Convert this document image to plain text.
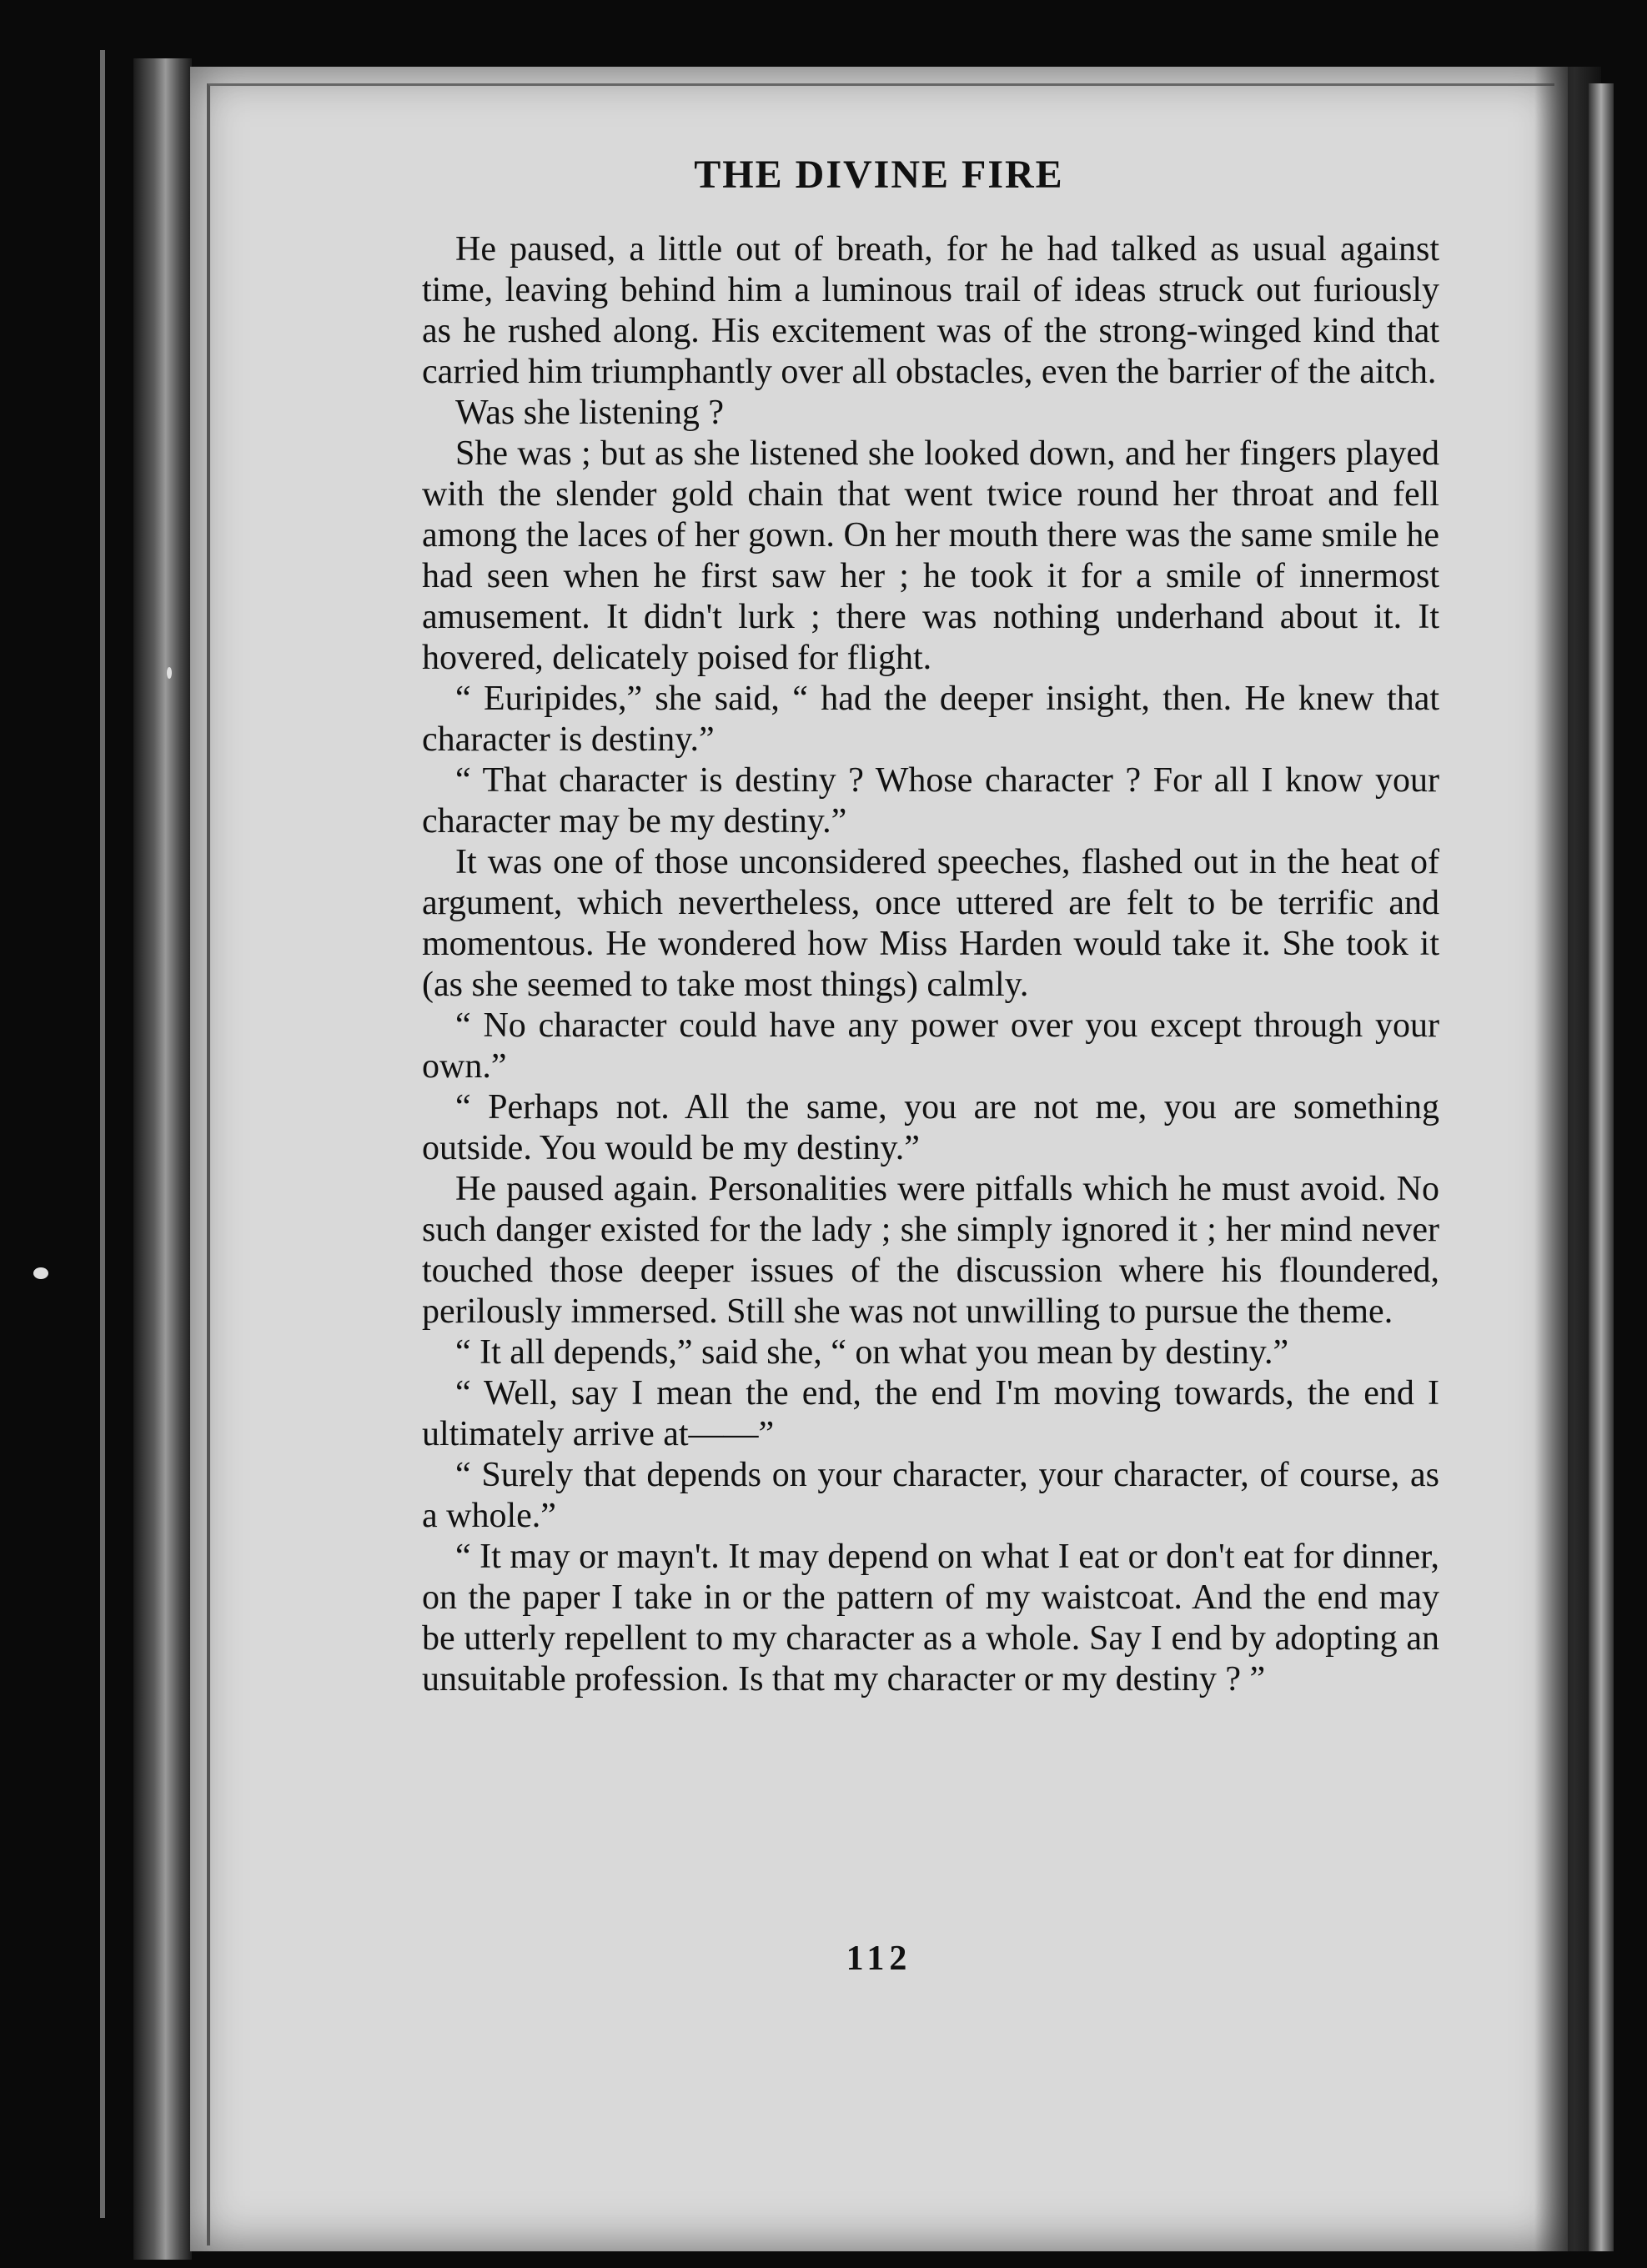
THE DIVINE FIRE

He paused, a little out of breath, for he had talked as usual against time, leaving behind him a luminous trail of ideas struck out furiously as he rushed along. His excitement was of the strong-winged kind that carried him triumphantly over all obstacles, even the barrier of the aitch.

Was she listening ?

She was ; but as she listened she looked down, and her fingers played with the slender gold chain that went twice round her throat and fell among the laces of her gown. On her mouth there was the same smile he had seen when he first saw her ; he took it for a smile of innermost amusement. It didn't lurk ; there was nothing underhand about it. It hovered, delicately poised for flight.

“ Euripides,” she said, “ had the deeper insight, then. He knew that character is destiny.”

“ That character is destiny ? Whose character ? For all I know your character may be my destiny.”

It was one of those unconsidered speeches, flashed out in the heat of argument, which nevertheless, once uttered are felt to be terrific and momentous. He wondered how Miss Harden would take it. She took it (as she seemed to take most things) calmly.

“ No character could have any power over you except through your own.”

“ Perhaps not. All the same, you are not me, you are something outside. You would be my destiny.”

He paused again. Personalities were pitfalls which he must avoid. No such danger existed for the lady ; she simply ignored it ; her mind never touched those deeper issues of the discussion where his floundered, perilously immersed. Still she was not unwilling to pursue the theme.

“ It all depends,” said she, “ on what you mean by destiny.”

“ Well, say I mean the end, the end I'm moving towards, the end I ultimately arrive at——”

“ Surely that depends on your character, your character, of course, as a whole.”

“ It may or mayn't. It may depend on what I eat or don't eat for dinner, on the paper I take in or the pattern of my waistcoat. And the end may be utterly repellent to my character as a whole. Say I end by adopting an unsuitable profession. Is that my character or my destiny ? ”

112
